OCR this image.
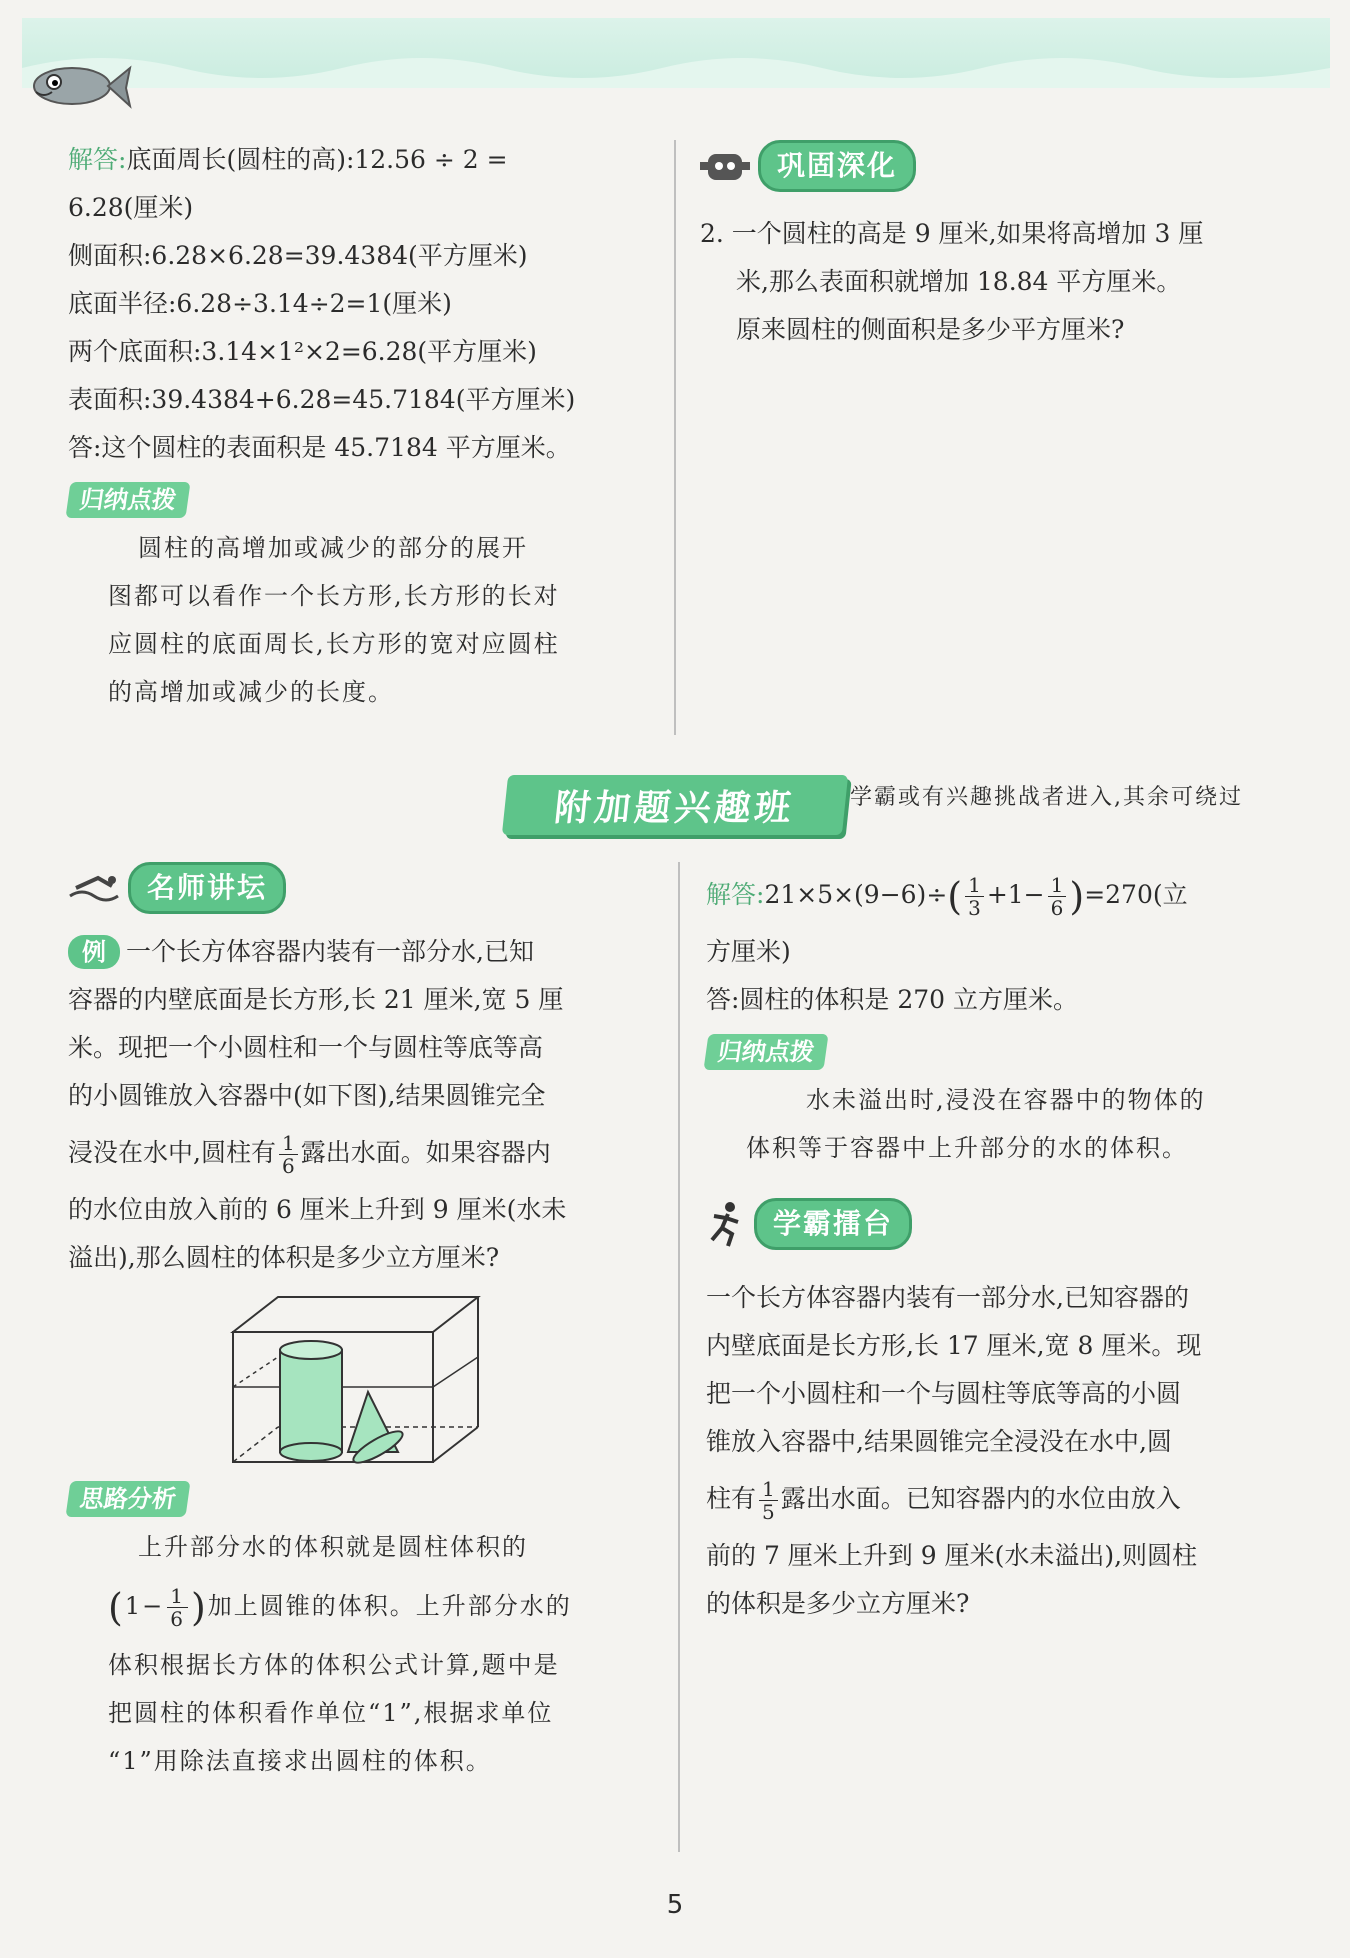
解答:底面周长(圆柱的高):12.56 ÷ 2 =

6.28(厘米)

侧面积:6.28×6.28=39.4384(平方厘米)

底面半径:6.28÷3.14÷2=1(厘米)

两个底面积:3.14×1²×2=6.28(平方厘米)

表面积:39.4384+6.28=45.7184(平方厘米)

答:这个圆柱的表面积是 45.7184 平方厘米。

归纳点拨

圆柱的高增加或减少的部分的展开

图都可以看作一个长方形,长方形的长对

应圆柱的底面周长,长方形的宽对应圆柱

的高增加或减少的长度。

巩固深化

2. 一个圆柱的高是 9 厘米,如果将高增加 3 厘

米,那么表面积就增加 18.84 平方厘米。

原来圆柱的侧面积是多少平方厘米?

附加题兴趣班	学霸或有兴趣挑战者进入,其余可绕过
名师讲坛

例 一个长方体容器内装有一部分水,已知

容器的内壁底面是长方形,长 21 厘米,宽 5 厘

米。现把一个小圆柱和一个与圆柱等底等高

的小圆锥放入容器中(如下图),结果圆锥完全

浸没在水中,圆柱有 $\frac{1}{6}$ 露出水面。如果容器内

的水位由放入前的 6 厘米上升到 9 厘米(水未

溢出),那么圆柱的体积是多少立方厘米?

思路分析

上升部分水的体积就是圆柱体积的

($1- \frac{1}{6}$ )加上圆锥的体积。上升部分水的

体积根据长方体的体积公式计算,题中是

把圆柱的体积看作单位“1”,根据求单位

“1”用除法直接求出圆柱的体积。

解答:21×5×(9−6)÷( $\frac{1}{3} +1- \frac{1}{6} )=270$(立

方厘米)

答:圆柱的体积是 270 立方厘米。

归纳点拨

水未溢出时,浸没在容器中的物体的

体积等于容器中上升部分的水的体积。

学霸擂台

一个长方体容器内装有一部分水,已知容器的

内壁底面是长方形,长 17 厘米,宽 8 厘米。现

把一个小圆柱和一个与圆柱等底等高的小圆

锥放入容器中,结果圆锥完全浸没在水中,圆

柱有 $\frac{1}{5}$ 露出水面。已知容器内的水位由放入

前的 7 厘米上升到 9 厘米(水未溢出),则圆柱

的体积是多少立方厘米?

5
